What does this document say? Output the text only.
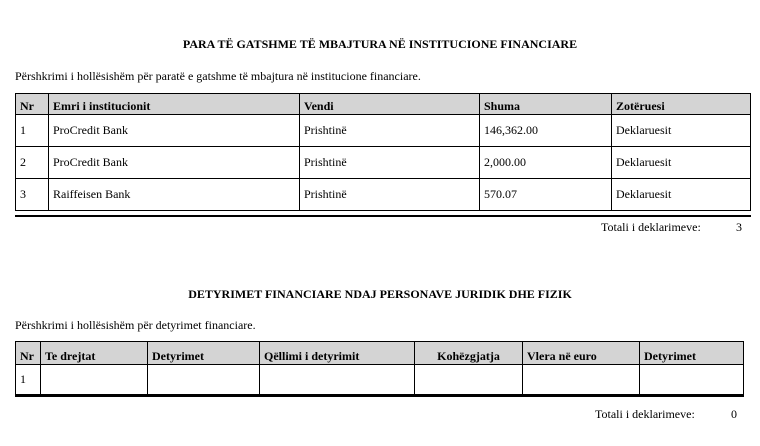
PARA TË GATSHME TË MBAJTURA NË INSTITUCIONE FINANCIARE
Përshkrimi i hollësishëm për paratë e gatshme të mbajtura në institucione financiare.
Nr	Emri i institucionit	Vendi	Shuma	Zotëruesi
1	ProCredit Bank	Prishtinë	146,362.00	Deklaruesit
2	ProCredit Bank	Prishtinë	2,000.00	Deklaruesit
3	Raiffeisen Bank	Prishtinë	570.07	Deklaruesit
Totali i deklarimeve:	3
DETYRIMET FINANCIARE NDAJ PERSONAVE JURIDIK DHE FIZIK
Përshkrimi i hollësishëm për detyrimet financiare.
Nr	Te drejtat	Detyrimet	Qëllimi i detyrimit	Kohëzgjatja	Vlera në euro	Detyrimet
1						
Totali i deklarimeve:	0
